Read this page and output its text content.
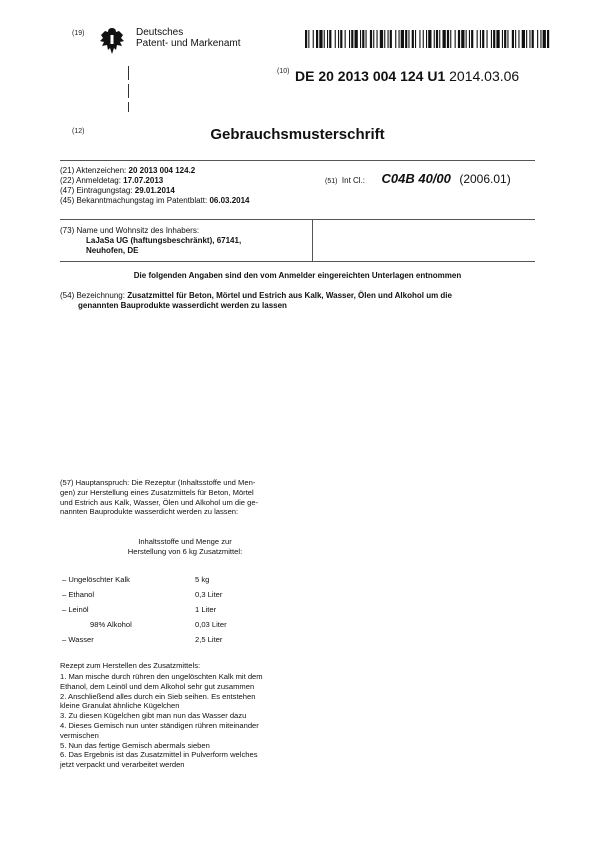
(19)	Deutsches
Patent- und Markenamt
(10) DE 20 2013 004 124 U1 2014.03.06
(12)	Gebrauchsmusterschrift
(21) Aktenzeichen: 20 2013 004 124.2
(22) Anmeldetag: 17.07.2013
(47) Eintragungstag: 29.01.2014
(45) Bekanntmachungstag im Patentblatt: 06.03.2014
(51) Int Cl.: C04B 40/00 (2006.01)
(73) Name und Wohnsitz des Inhabers:
LaJaSa UG (haftungsbeschränkt), 67141,
Neuhofen, DE
Die folgenden Angaben sind den vom Anmelder eingereichten Unterlagen entnommen
(54) Bezeichnung: Zusatzmittel für Beton, Mörtel und Estrich aus Kalk, Wasser, Ölen und Alkohol um die
genannten Bauprodukte wasserdicht werden zu lassen
(57) Hauptanspruch: Die Rezeptur (Inhaltsstoffe und Men-
gen) zur Herstellung eines Zusatzmittels für Beton, Mörtel
und Estrich aus Kalk, Wasser, Ölen und Alkohol um die ge-
nannten Bauprodukte wasserdicht werden zu lassen:
Inhaltsstoffe und Menge zur
Herstellung von 6 kg Zusatzmittel:
– Ungelöschter Kalk	5 kg
– Ethanol	0,3 Liter
– Leinöl	1 Liter
98% Alkohol	0,03 Liter
– Wasser	2,5 Liter
Rezept zum Herstellen des Zusatzmittels:
1. Man mische durch rühren den ungelöschten Kalk mit dem
Ethanol, dem Leinöl und dem Alkohol sehr gut zusammen
2. Anschließend alles durch ein Sieb seihen. Es entstehen
kleine Granulat ähnliche Kügelchen
3. Zu diesen Kügelchen gibt man nun das Wasser dazu
4. Dieses Gemisch nun unter ständigen rühren miteinander
vermischen
5. Nun das fertige Gemisch abermals sieben
6. Das Ergebnis ist das Zusatzmittel in Pulverform welches
jetzt verpackt und verarbeitet werden
